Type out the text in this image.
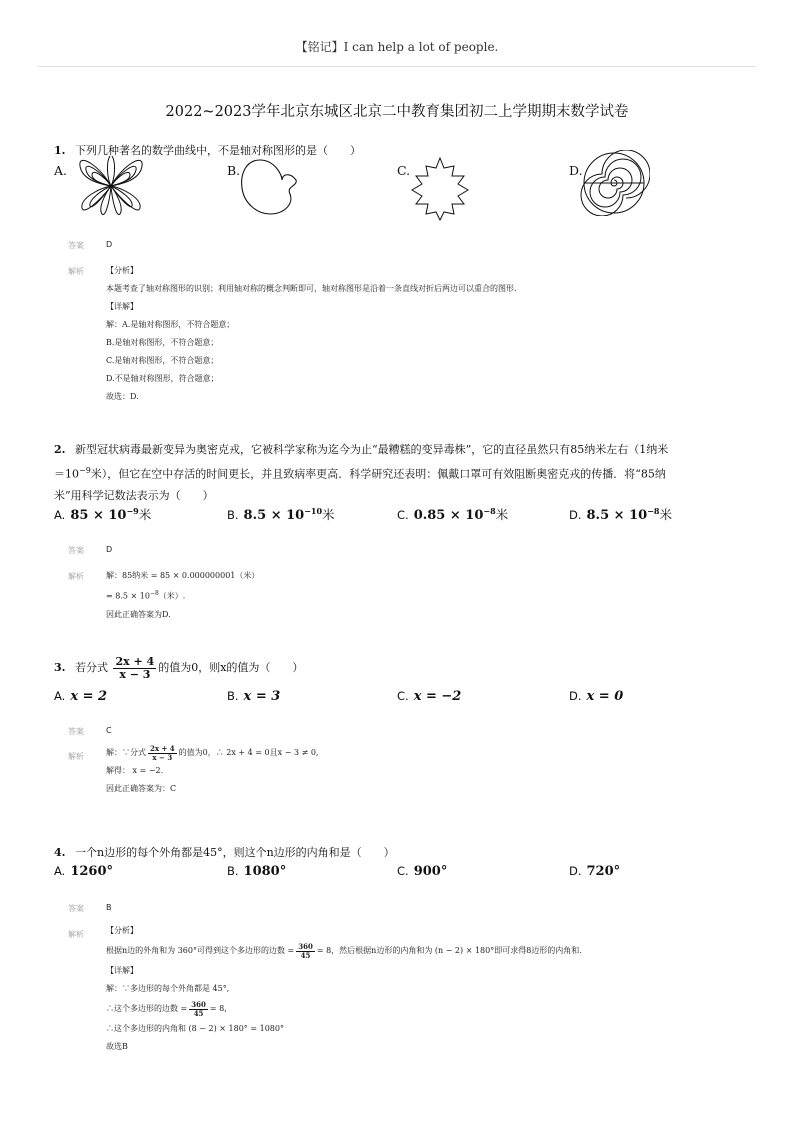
【铭记】I can help a lot of people.
2022~2023学年北京东城区北京二中教育集团初二上学期期末数学试卷
1. 下列几种著名的数学曲线中，不是轴对称图形的是（　　）
A.	B.	C.	D.
答案	D
解析	【分析】
本题考查了轴对称图形的识别；利用轴对称的概念判断即可，轴对称图形是沿着一条直线对折后两边可以重合的图形.
【详解】
解：A.是轴对称图形，不符合题意；
B.是轴对称图形，不符合题意；
C.是轴对称图形，不符合题意；
D.不是轴对称图形，符合题意；
故选：D.
2. 新型冠状病毒最新变异为奥密克戎，它被科学家称为迄今为止“最糟糕的变异毒株”，它的直径虽然只有85纳米左右（1纳米
$=10^{-9}$米），但它在空中存活的时间更长，并且致病率更高．科学研究还表明：佩戴口罩可有效阻断奥密克戎的传播．将“85纳
米”用科学记数法表示为（　　）
A. $85 \times 10^{-9}$米	B. $8.5 \times 10^{-10}$米	C. $0.85 \times 10^{-8}$米	D. $8.5 \times 10^{-8}$米
答案	D
解析	解：85纳米 = 85 × 0.000000001（米）
= $8.5 \times 10^{-8}$（米）.
因此正确答案为D.
3. 若分式 $\frac{2x + 4}{x - 3}$ 的值为0，则x的值为（　　）
A. x = 2	B. x = 3	C. x = −2	D. x = 0
答案	C
解析	解：∵分式 $\frac{2x + 4}{x - 3}$ 的值为0，∴ 2x + 4 = 0且x − 3 ≠ 0,
解得： x = −2.
因此正确答案为：C
4. 一个n边形的每个外角都是45°，则这个n边形的内角和是（　　）
A. 1260°	B. 1080°	C. 900°	D. 720°
答案	B
解析	【分析】
根据n边的外角和为 360°可得到这个多边形的边数 = $\frac{360}{45} = 8$，然后根据n边形的内角和为 (n − 2) × 180°即可求得8边形的内角和.
【详解】
解：∵多边形的每个外角都是 45°,
∴这个多边形的边数 = $\frac{360}{45} = 8$,
∴这个多边形的内角和 (8 − 2) × 180° = 1080°
故选B
